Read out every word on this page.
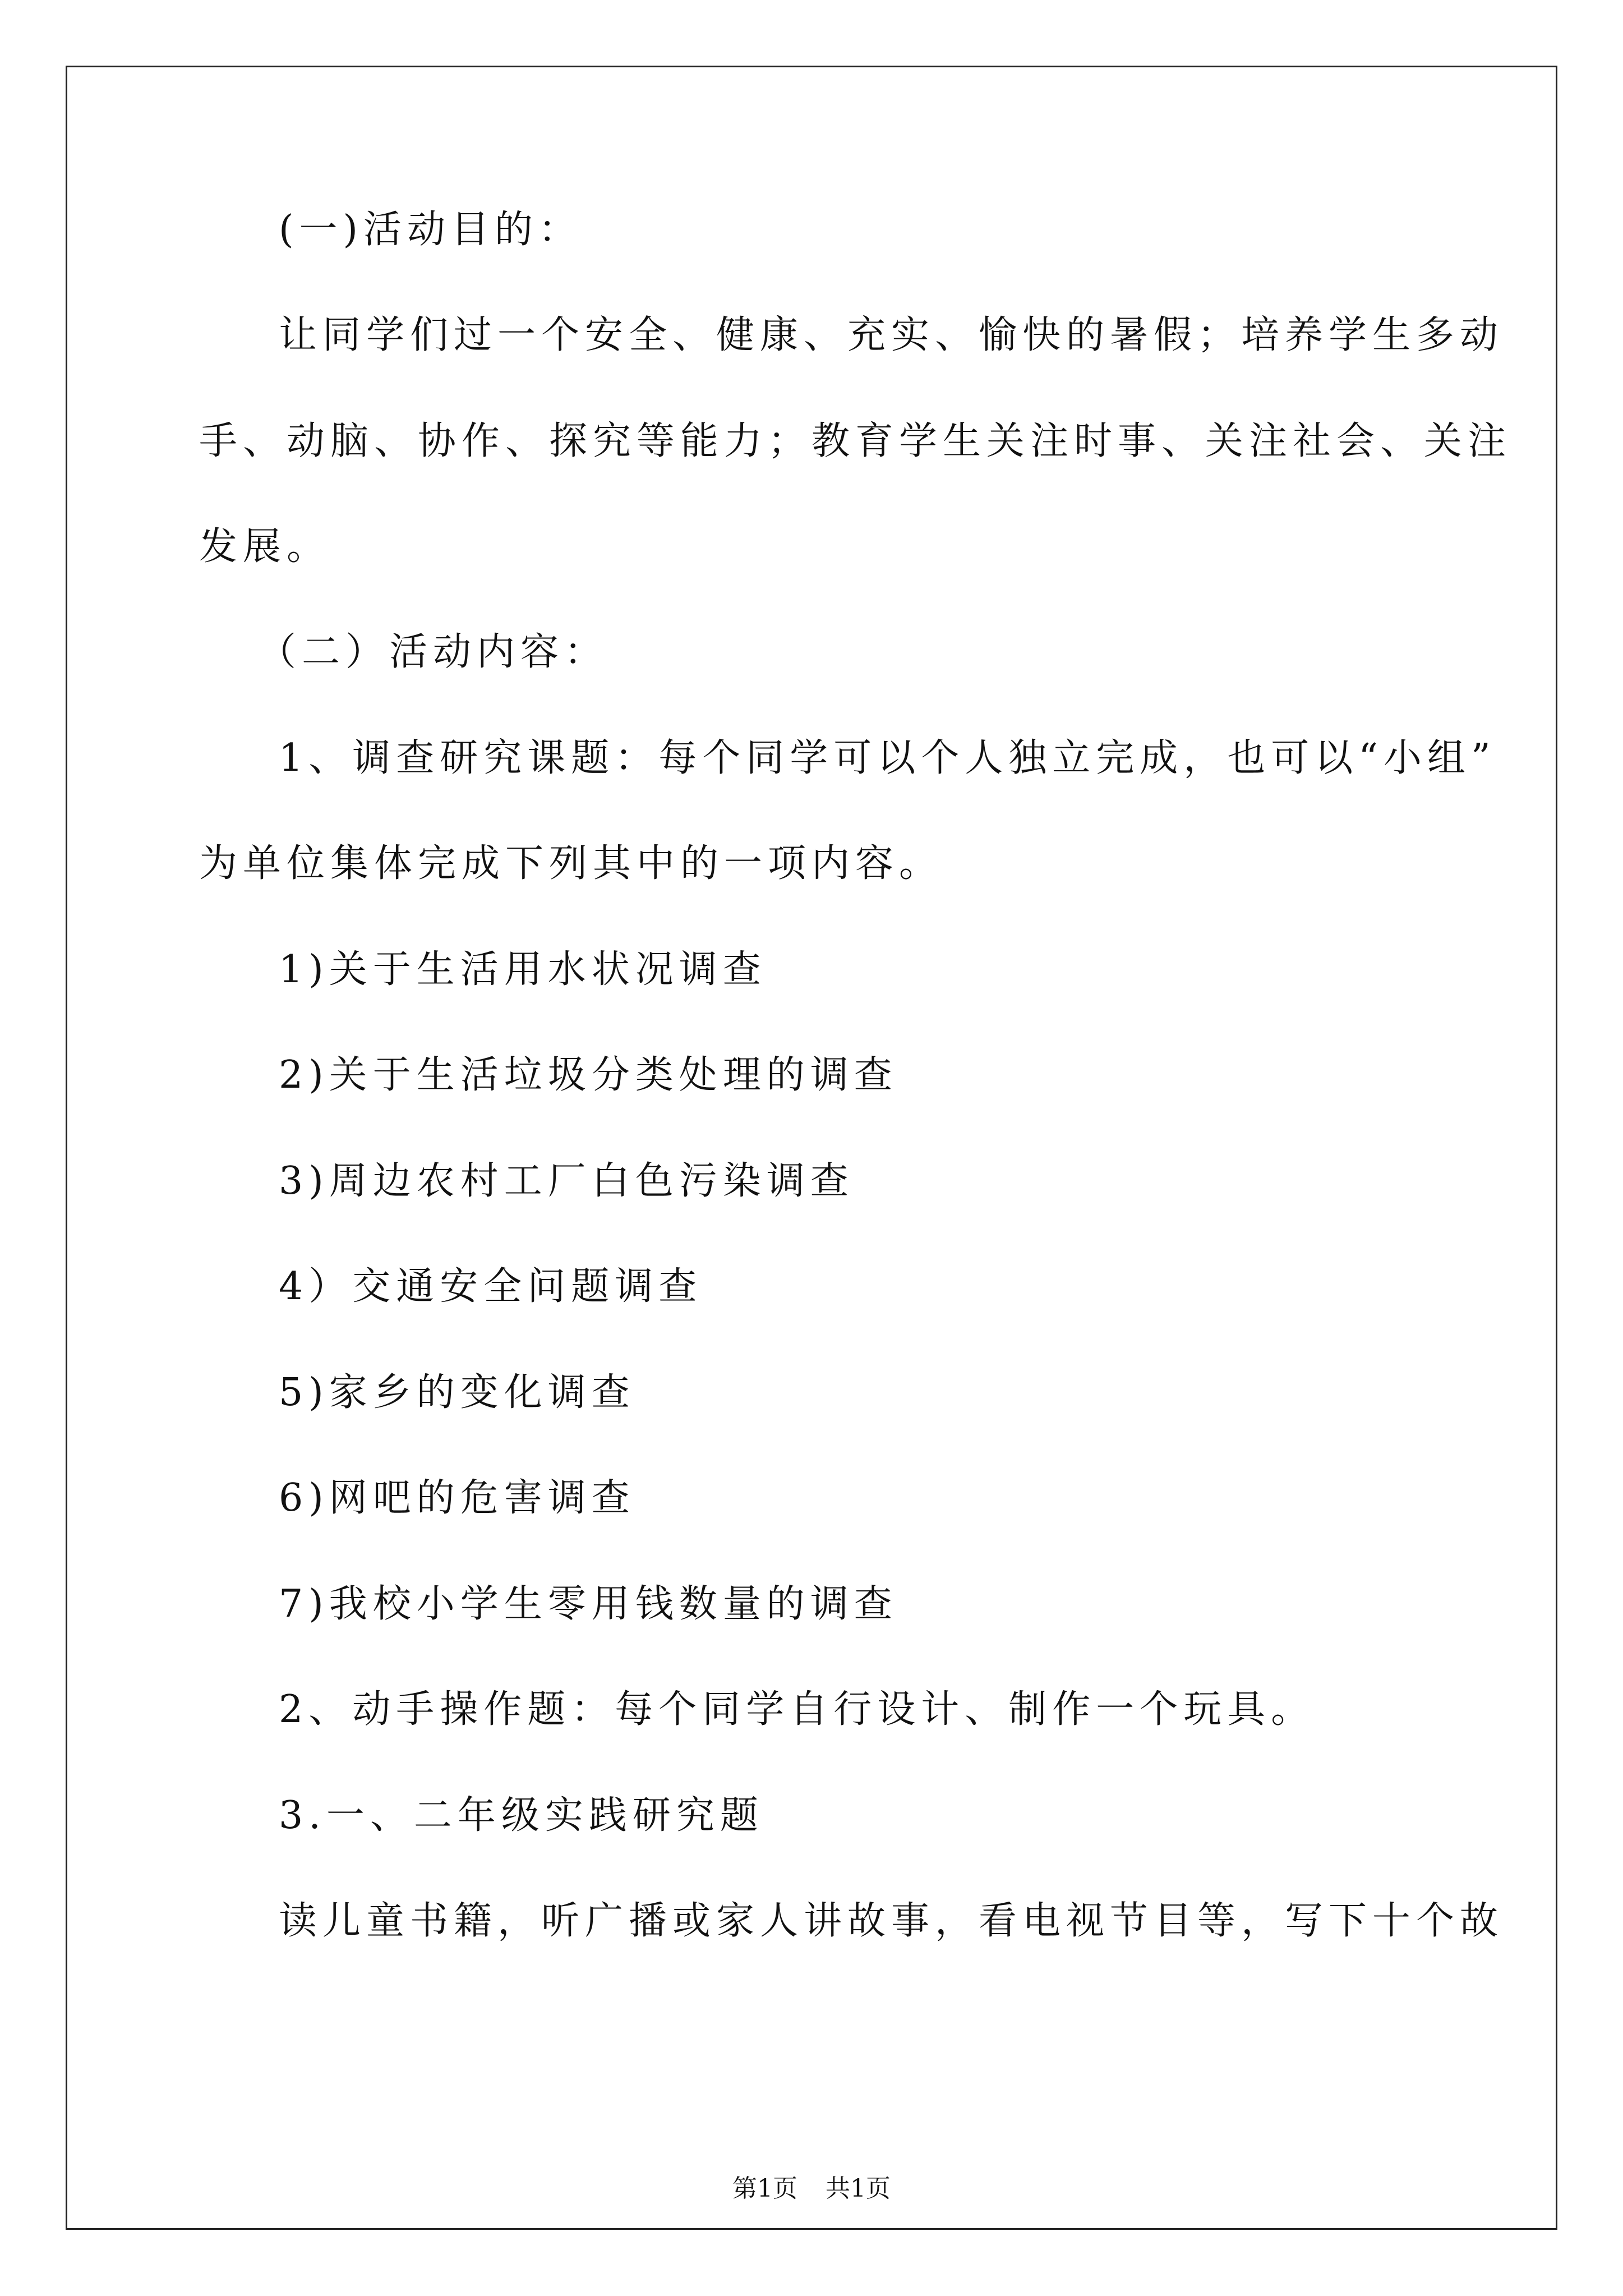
(一)活动目的：
让同学们过一个安全、健康、充实、愉快的暑假；培养学生多动
手、动脑、协作、探究等能力；教育学生关注时事、关注社会、关注
发展。
（二）活动内容：
1、调查研究课题：每个同学可以个人独立完成，也可以“小组”
为单位集体完成下列其中的一项内容。
1)关于生活用水状况调查
2)关于生活垃圾分类处理的调查
3)周边农村工厂白色污染调查
4）交通安全问题调查
5)家乡的变化调查
6)网吧的危害调查
7)我校小学生零用钱数量的调查
2、动手操作题：每个同学自行设计、制作一个玩具。
3.一、二年级实践研究题
读儿童书籍，听广播或家人讲故事，看电视节目等，写下十个故
第1页 共1页
